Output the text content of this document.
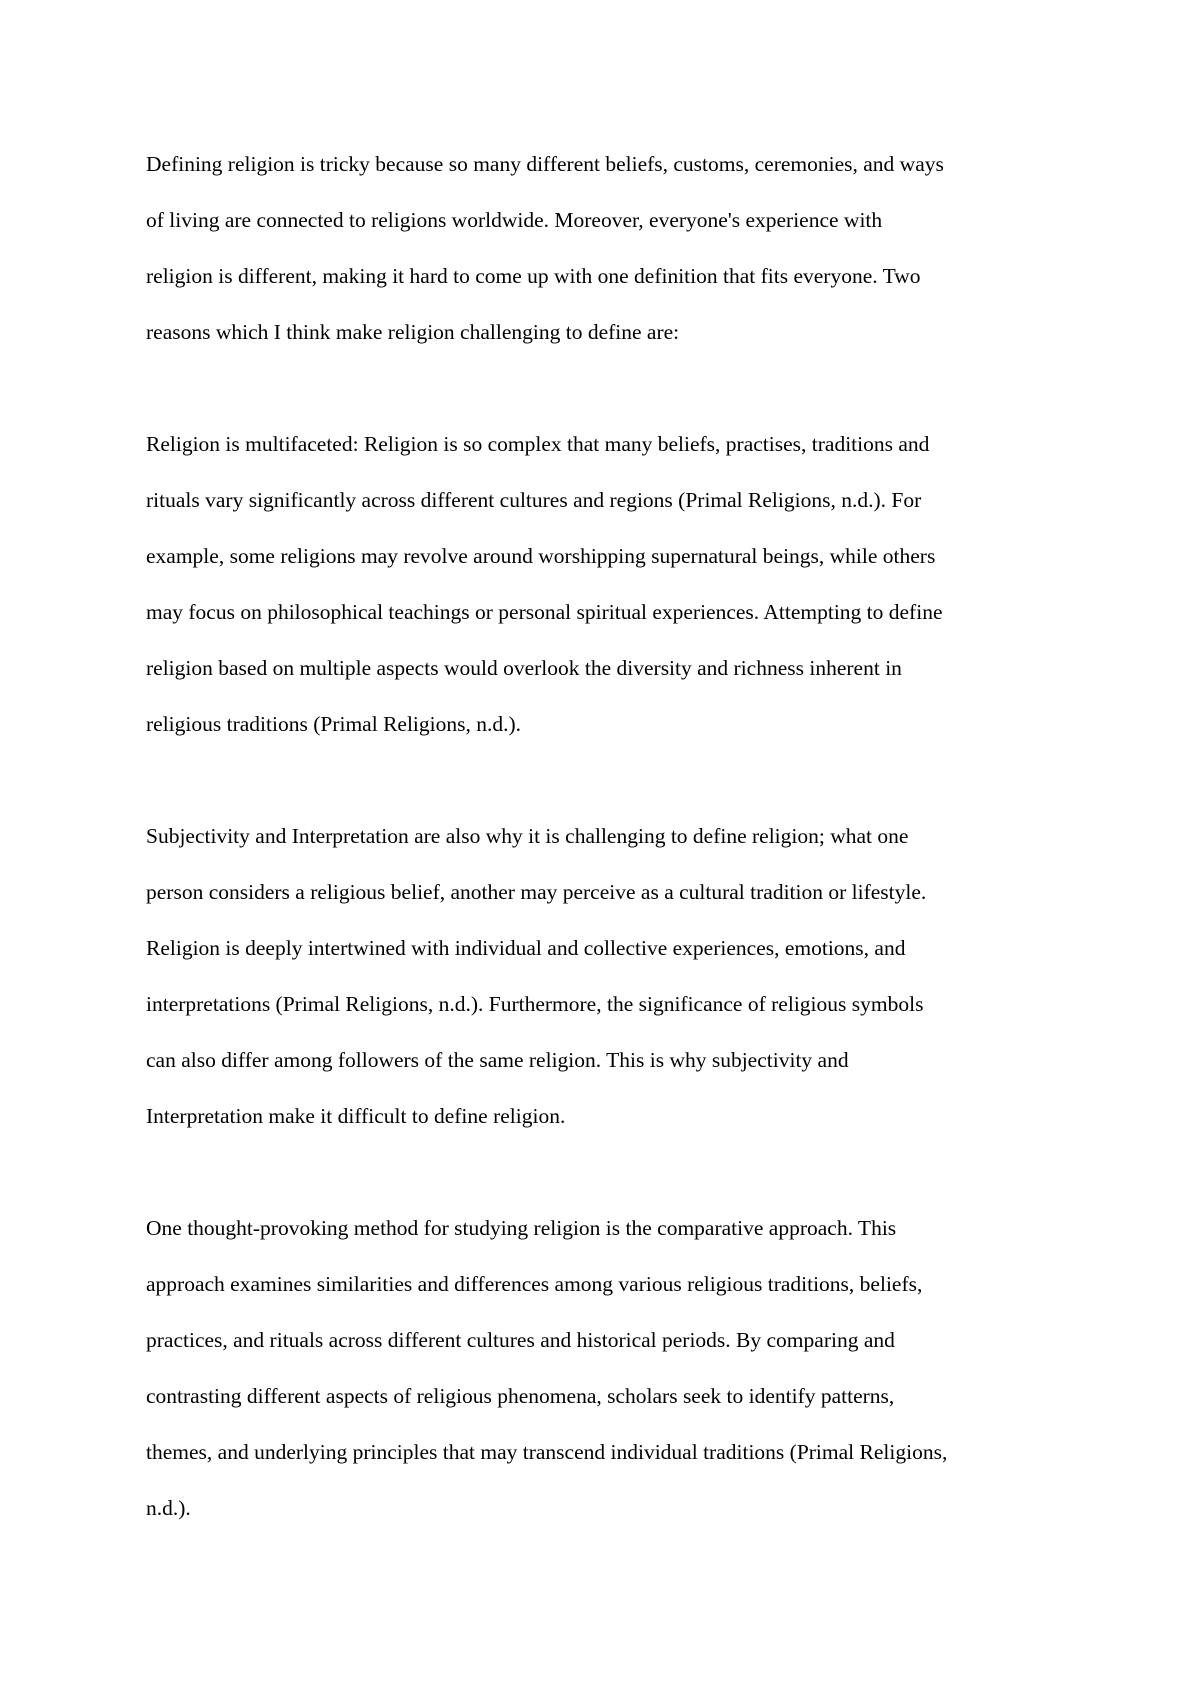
Defining religion is tricky because so many different beliefs, customs, ceremonies, and ways
of living are connected to religions worldwide. Moreover, everyone's experience with
religion is different, making it hard to come up with one definition that fits everyone. Two
reasons which I think make religion challenging to define are:

Religion is multifaceted: Religion is so complex that many beliefs, practises, traditions and
rituals vary significantly across different cultures and regions (Primal Religions, n.d.). For
example, some religions may revolve around worshipping supernatural beings, while others
may focus on philosophical teachings or personal spiritual experiences. Attempting to define
religion based on multiple aspects would overlook the diversity and richness inherent in
religious traditions (Primal Religions, n.d.).

Subjectivity and Interpretation are also why it is challenging to define religion; what one
person considers a religious belief, another may perceive as a cultural tradition or lifestyle.
Religion is deeply intertwined with individual and collective experiences, emotions, and
interpretations (Primal Religions, n.d.). Furthermore, the significance of religious symbols
can also differ among followers of the same religion. This is why subjectivity and
Interpretation make it difficult to define religion.

One thought-provoking method for studying religion is the comparative approach. This
approach examines similarities and differences among various religious traditions, beliefs,
practices, and rituals across different cultures and historical periods. By comparing and
contrasting different aspects of religious phenomena, scholars seek to identify patterns,
themes, and underlying principles that may transcend individual traditions (Primal Religions,
n.d.).
